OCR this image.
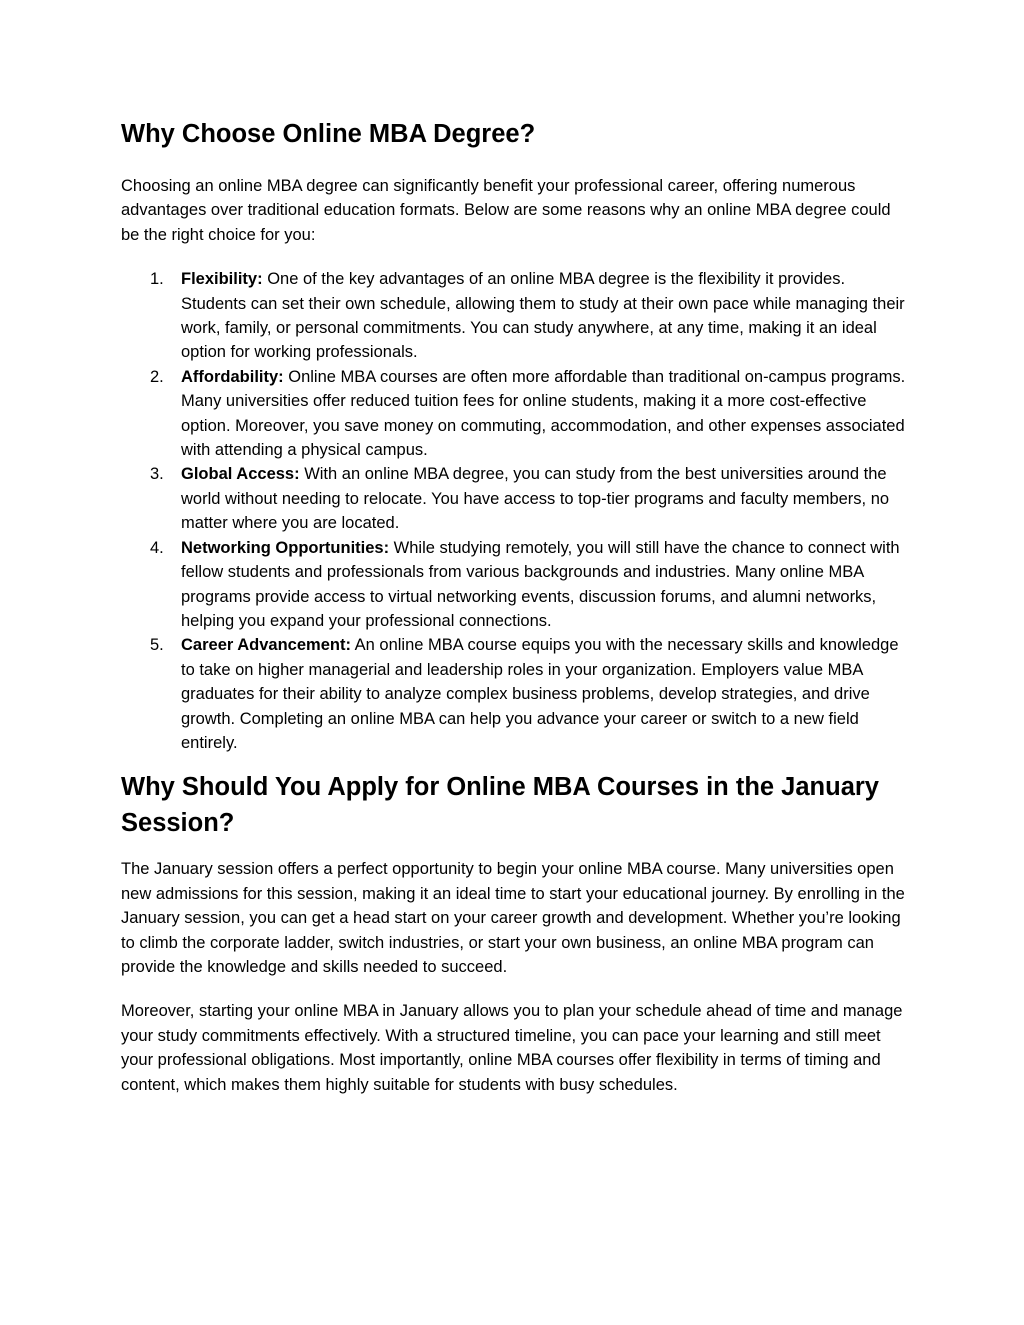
Why Choose Online MBA Degree?

Choosing an online MBA degree can significantly benefit your professional career, offering numerous advantages over traditional education formats. Below are some reasons why an online MBA degree could be the right choice for you:

1. Flexibility: One of the key advantages of an online MBA degree is the flexibility it provides. Students can set their own schedule, allowing them to study at their own pace while managing their work, family, or personal commitments. You can study anywhere, at any time, making it an ideal option for working professionals.
2. Affordability: Online MBA courses are often more affordable than traditional on-campus programs. Many universities offer reduced tuition fees for online students, making it a more cost-effective option. Moreover, you save money on commuting, accommodation, and other expenses associated with attending a physical campus.
3. Global Access: With an online MBA degree, you can study from the best universities around the world without needing to relocate. You have access to top-tier programs and faculty members, no matter where you are located.
4. Networking Opportunities: While studying remotely, you will still have the chance to connect with fellow students and professionals from various backgrounds and industries. Many online MBA programs provide access to virtual networking events, discussion forums, and alumni networks, helping you expand your professional connections.
5. Career Advancement: An online MBA course equips you with the necessary skills and knowledge to take on higher managerial and leadership roles in your organization. Employers value MBA graduates for their ability to analyze complex business problems, develop strategies, and drive growth. Completing an online MBA can help you advance your career or switch to a new field entirely.
Why Should You Apply for Online MBA Courses in the January Session?

The January session offers a perfect opportunity to begin your online MBA course. Many universities open new admissions for this session, making it an ideal time to start your educational journey. By enrolling in the January session, you can get a head start on your career growth and development. Whether you’re looking to climb the corporate ladder, switch industries, or start your own business, an online MBA program can provide the knowledge and skills needed to succeed.

Moreover, starting your online MBA in January allows you to plan your schedule ahead of time and manage your study commitments effectively. With a structured timeline, you can pace your learning and still meet your professional obligations. Most importantly, online MBA courses offer flexibility in terms of timing and content, which makes them highly suitable for students with busy schedules.
